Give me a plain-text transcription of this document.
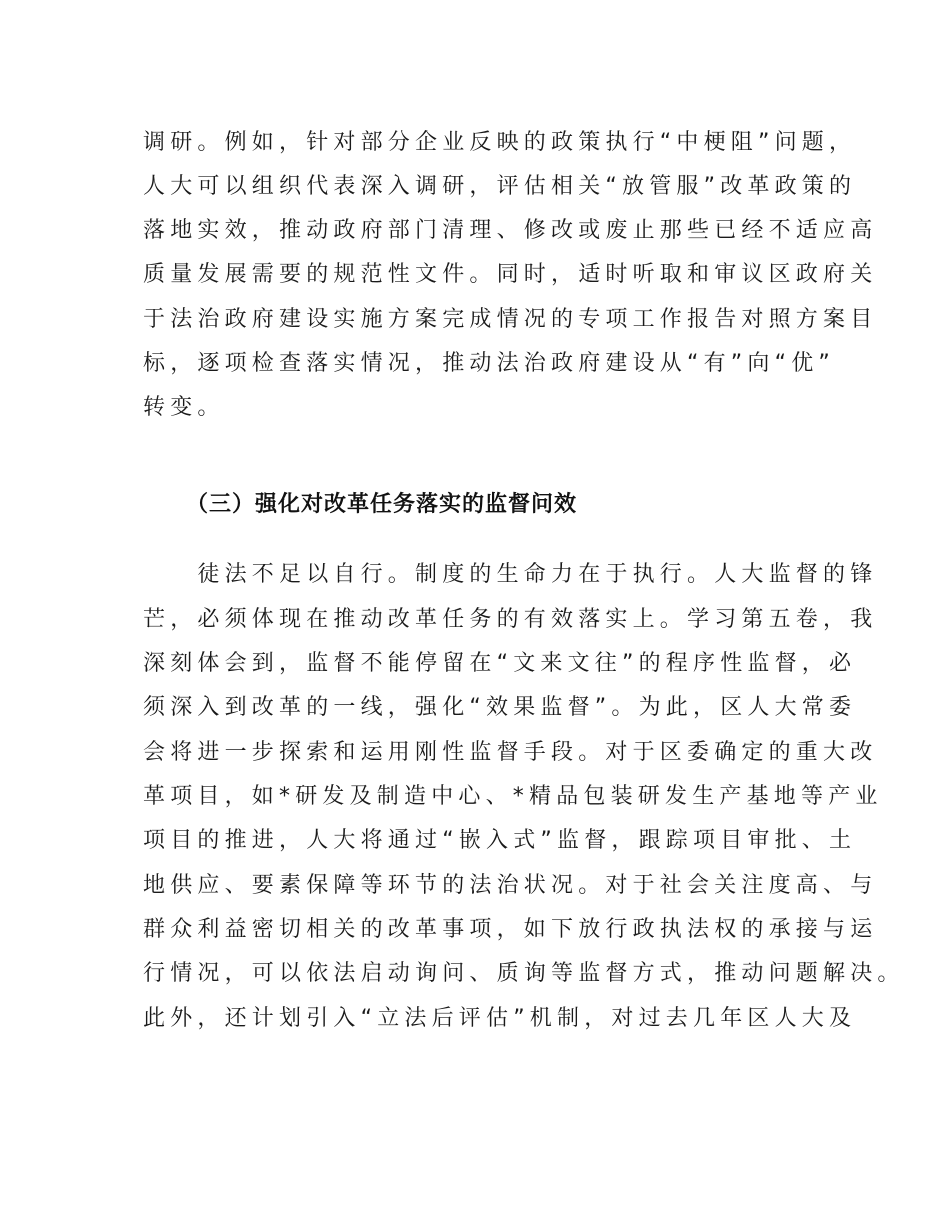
调研。例如，针对部分企业反映的政策执行“中梗阻”问题，
人大可以组织代表深入调研，评估相关“放管服”改革政策的
落地实效，推动政府部门清理、修改或废止那些已经不适应高
质量发展需要的规范性文件。同时，适时听取和审议区政府关
于法治政府建设实施方案完成情况的专项工作报告对照方案目
标，逐项检查落实情况，推动法治政府建设从“有”向“优”
转变。
（三）强化对改革任务落实的监督问效
　　徒法不足以自行。制度的生命力在于执行。人大监督的锋
芒，必须体现在推动改革任务的有效落实上。学习第五卷，我
深刻体会到，监督不能停留在“文来文往”的程序性监督，必
须深入到改革的一线，强化“效果监督”。为此，区人大常委
会将进一步探索和运用刚性监督手段。对于区委确定的重大改
革项目，如*研发及制造中心、*精品包装研发生产基地等产业
项目的推进，人大将通过“嵌入式”监督，跟踪项目审批、土
地供应、要素保障等环节的法治状况。对于社会关注度高、与
群众利益密切相关的改革事项，如下放行政执法权的承接与运
行情况，可以依法启动询问、质询等监督方式，推动问题解决。
此外，还计划引入“立法后评估”机制，对过去几年区人大及
